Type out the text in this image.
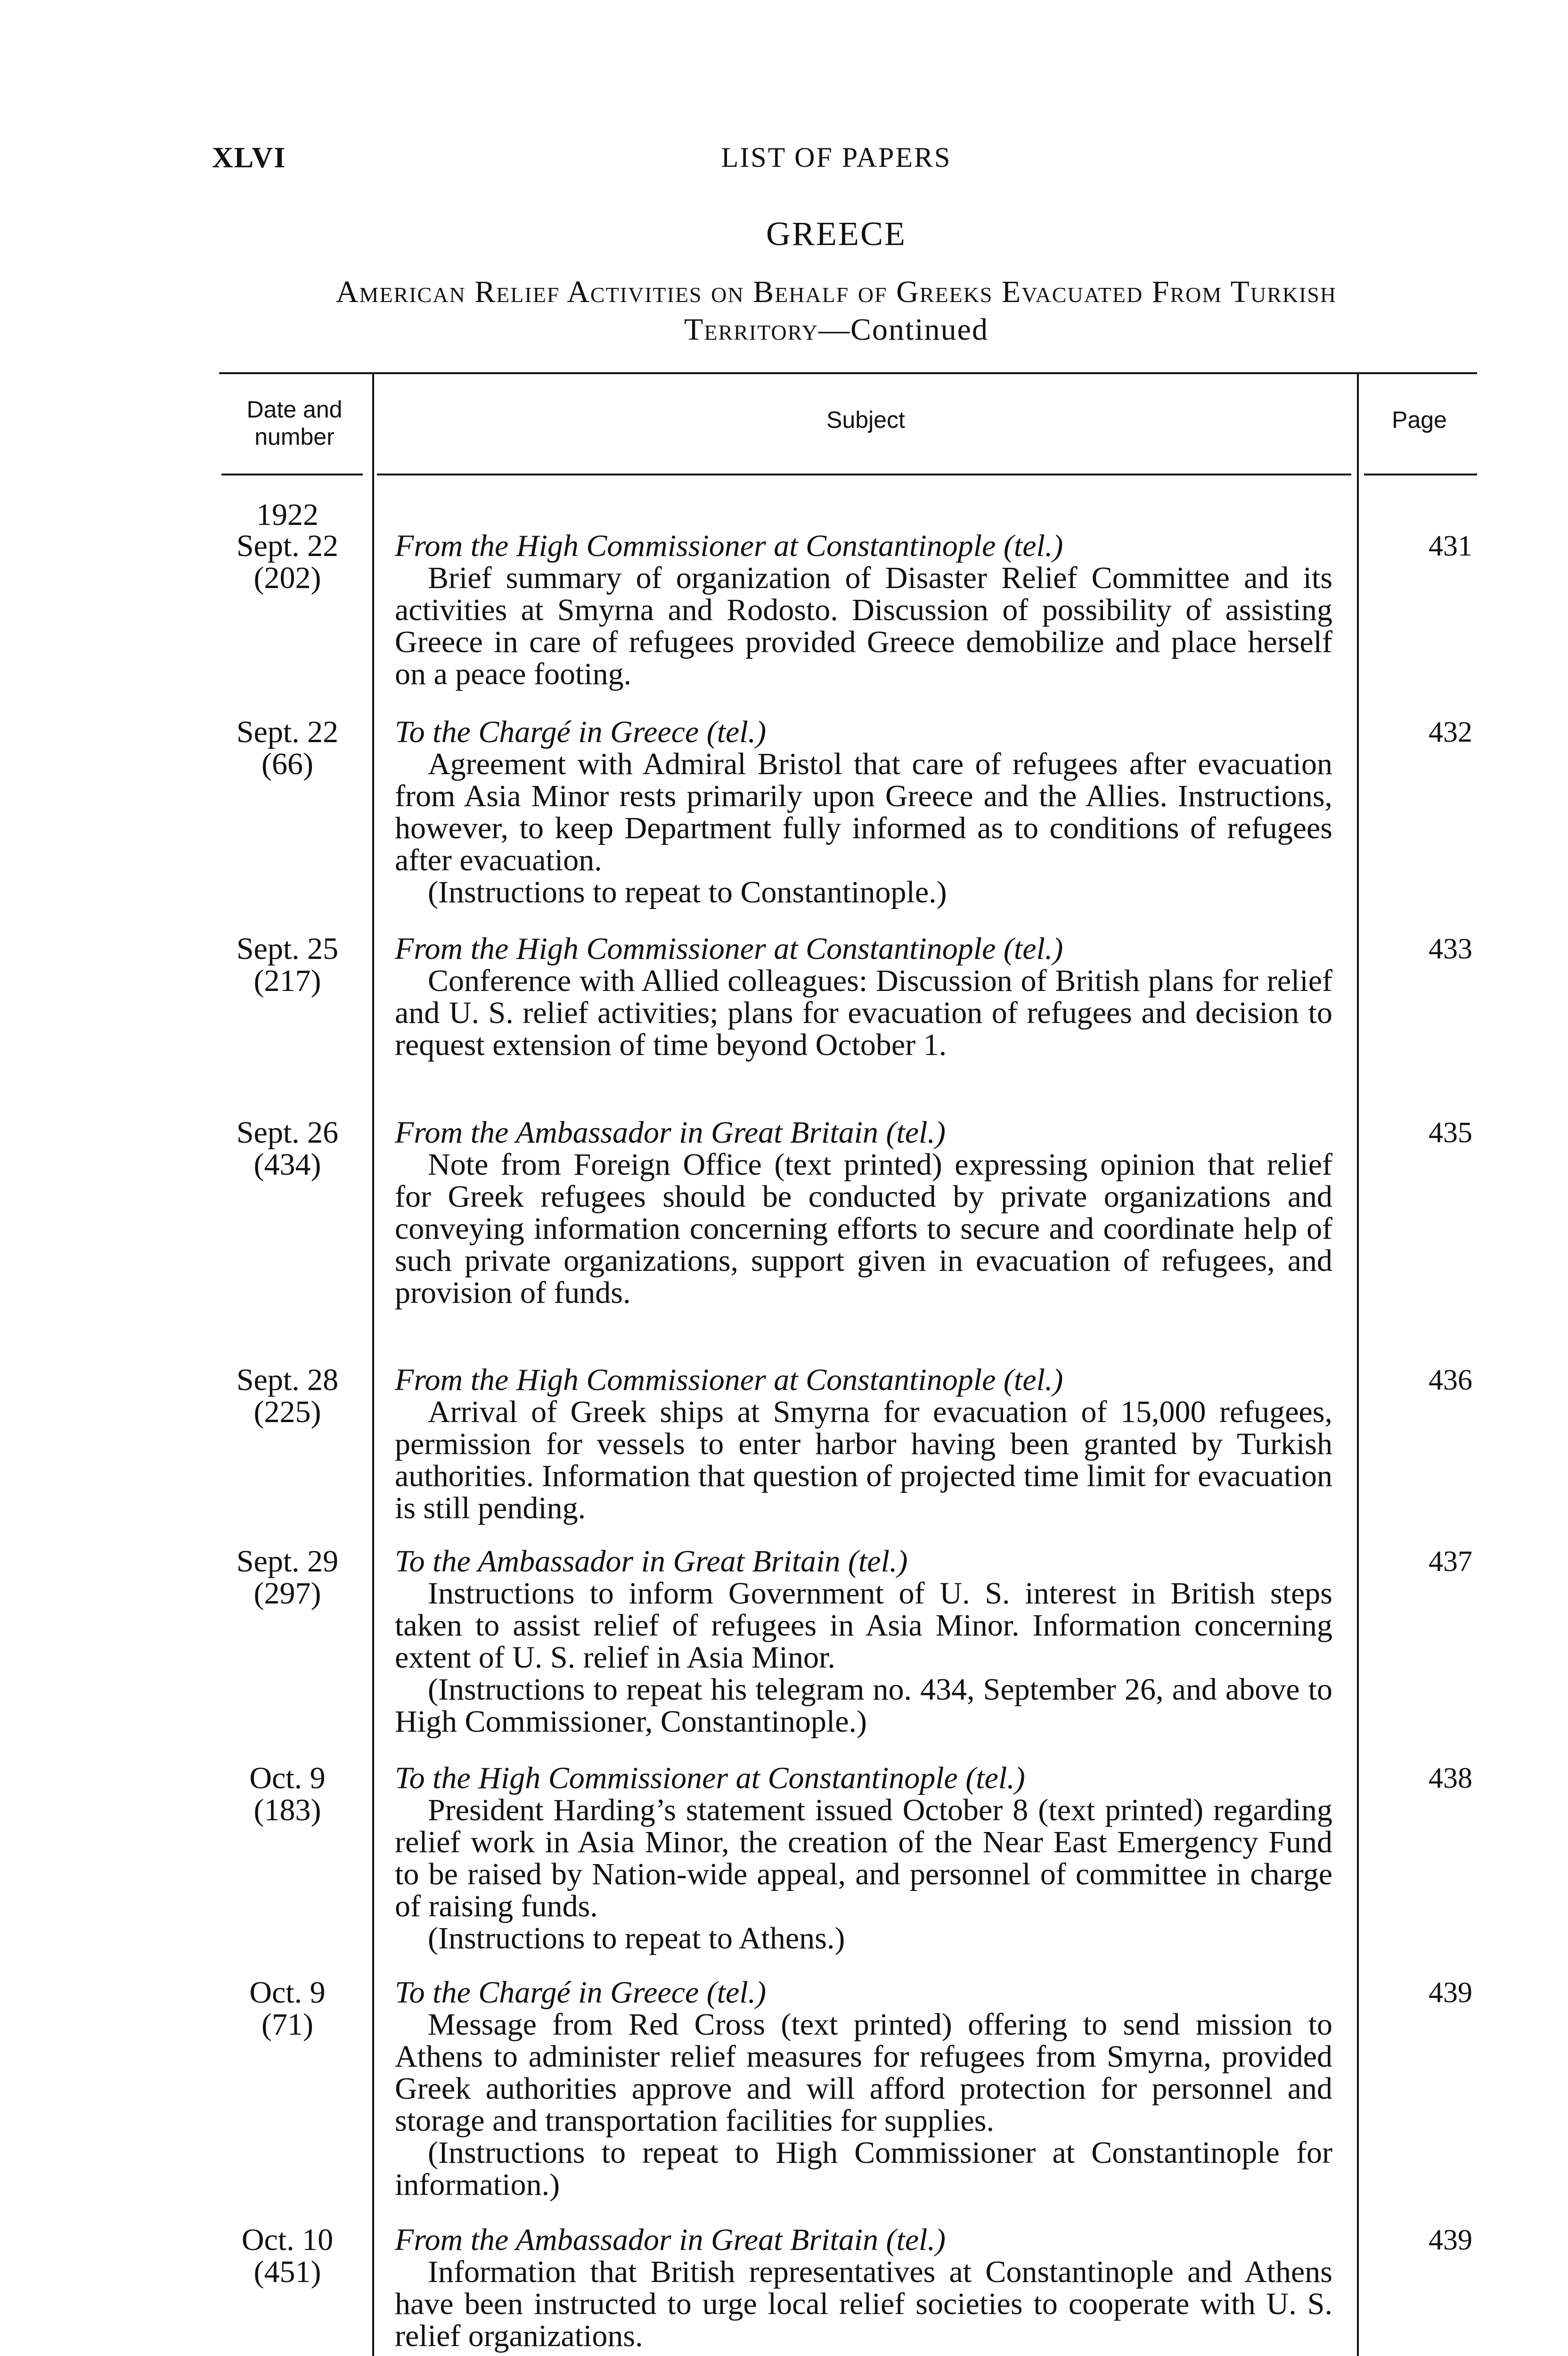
XLVI	LIST OF PAPERS
GREECE
American Relief Activities on Behalf of Greeks Evacuated From Turkish
Territory—Continued
Date and
number
Subject	Page
1922
Sept. 22
(202)
From the High Commissioner at Constantinople (tel.)

Brief summary of organization of Disaster Relief Committee and its activities at Smyrna and Rodosto. Discussion of possibility of assisting Greece in care of refugees provided Greece demobilize and place herself on a peace footing.

431
Sept. 22
(66)
To the Chargé in Greece (tel.)

Agreement with Admiral Bristol that care of refugees after evacuation from Asia Minor rests primarily upon Greece and the Allies. Instructions, however, to keep Department fully informed as to conditions of refugees after evacuation.

(Instructions to repeat to Constantinople.)

432
Sept. 25
(217)
From the High Commissioner at Constantinople (tel.)

Conference with Allied colleagues: Discussion of British plans for relief and U. S. relief activities; plans for evacuation of refugees and decision to request extension of time beyond October 1.

433
Sept. 26
(434)
From the Ambassador in Great Britain (tel.)

Note from Foreign Office (text printed) expressing opinion that relief for Greek refugees should be conducted by private organizations and conveying information concerning efforts to secure and coordinate help of such private organizations, support given in evacuation of refugees, and provision of funds.

435
Sept. 28
(225)
From the High Commissioner at Constantinople (tel.)

Arrival of Greek ships at Smyrna for evacuation of 15,000 refugees, permission for vessels to enter harbor having been granted by Turkish authorities. Information that question of projected time limit for evacuation is still pending.

436
Sept. 29
(297)
To the Ambassador in Great Britain (tel.)

Instructions to inform Government of U. S. interest in British steps taken to assist relief of refugees in Asia Minor. Information concerning extent of U. S. relief in Asia Minor.

(Instructions to repeat his telegram no. 434, September 26, and above to High Commissioner, Constantinople.)

437
Oct. 9
(183)
To the High Commissioner at Constantinople (tel.)

President Harding’s statement issued October 8 (text printed) regarding relief work in Asia Minor, the creation of the Near East Emergency Fund to be raised by Nation-wide appeal, and personnel of committee in charge of raising funds.

(Instructions to repeat to Athens.)

438
Oct. 9
(71)
To the Chargé in Greece (tel.)

Message from Red Cross (text printed) offering to send mission to Athens to administer relief measures for refugees from Smyrna, provided Greek authorities approve and will afford protection for personnel and storage and transportation facilities for supplies.

(Instructions to repeat to High Commissioner at Constantinople for information.)

439
Oct. 10
(451)
From the Ambassador in Great Britain (tel.)

Information that British representatives at Constantinople and Athens have been instructed to urge local relief societies to cooperate with U. S. relief organizations.

439
